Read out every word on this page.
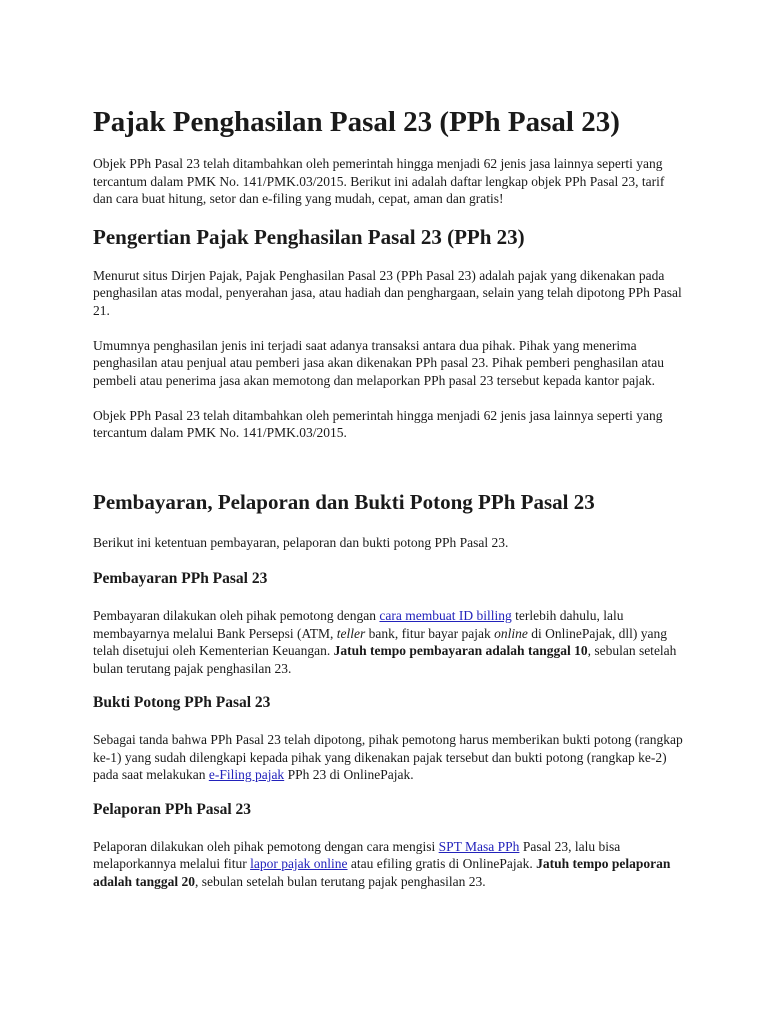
Pajak Penghasilan Pasal 23 (PPh Pasal 23)

Objek PPh Pasal 23 telah ditambahkan oleh pemerintah hingga menjadi 62 jenis jasa lainnya seperti yang tercantum dalam PMK No. 141/PMK.03/2015. Berikut ini adalah daftar lengkap objek PPh Pasal 23, tarif dan cara buat hitung, setor dan e-filing yang mudah, cepat, aman dan gratis!

Pengertian Pajak Penghasilan Pasal 23 (PPh 23)

Menurut situs Dirjen Pajak, Pajak Penghasilan Pasal 23 (PPh Pasal 23) adalah pajak yang dikenakan pada penghasilan atas modal, penyerahan jasa, atau hadiah dan penghargaan, selain yang telah dipotong PPh Pasal 21.

Umumnya penghasilan jenis ini terjadi saat adanya transaksi antara dua pihak. Pihak yang menerima penghasilan atau penjual atau pemberi jasa akan dikenakan PPh pasal 23. Pihak pemberi penghasilan atau pembeli atau penerima jasa akan memotong dan melaporkan PPh pasal 23 tersebut kepada kantor pajak.

Objek PPh Pasal 23 telah ditambahkan oleh pemerintah hingga menjadi 62 jenis jasa lainnya seperti yang tercantum dalam PMK No. 141/PMK.03/2015.

Pembayaran, Pelaporan dan Bukti Potong PPh Pasal 23

Berikut ini ketentuan pembayaran, pelaporan dan bukti potong PPh Pasal 23.

Pembayaran PPh Pasal 23

Pembayaran dilakukan oleh pihak pemotong dengan cara membuat ID billing terlebih dahulu, lalu membayarnya melalui Bank Persepsi (ATM, teller bank, fitur bayar pajak online di OnlinePajak, dll) yang telah disetujui oleh Kementerian Keuangan. Jatuh tempo pembayaran adalah tanggal 10, sebulan setelah bulan terutang pajak penghasilan 23.

Bukti Potong PPh Pasal 23

Sebagai tanda bahwa PPh Pasal 23 telah dipotong, pihak pemotong harus memberikan bukti potong (rangkap ke-1) yang sudah dilengkapi kepada pihak yang dikenakan pajak tersebut dan bukti potong (rangkap ke-2) pada saat melakukan e-Filing pajak PPh 23 di OnlinePajak.

Pelaporan PPh Pasal 23

Pelaporan dilakukan oleh pihak pemotong dengan cara mengisi SPT Masa PPh Pasal 23, lalu bisa melaporkannya melalui fitur lapor pajak online atau efiling gratis di OnlinePajak. Jatuh tempo pelaporan adalah tanggal 20, sebulan setelah bulan terutang pajak penghasilan 23.
